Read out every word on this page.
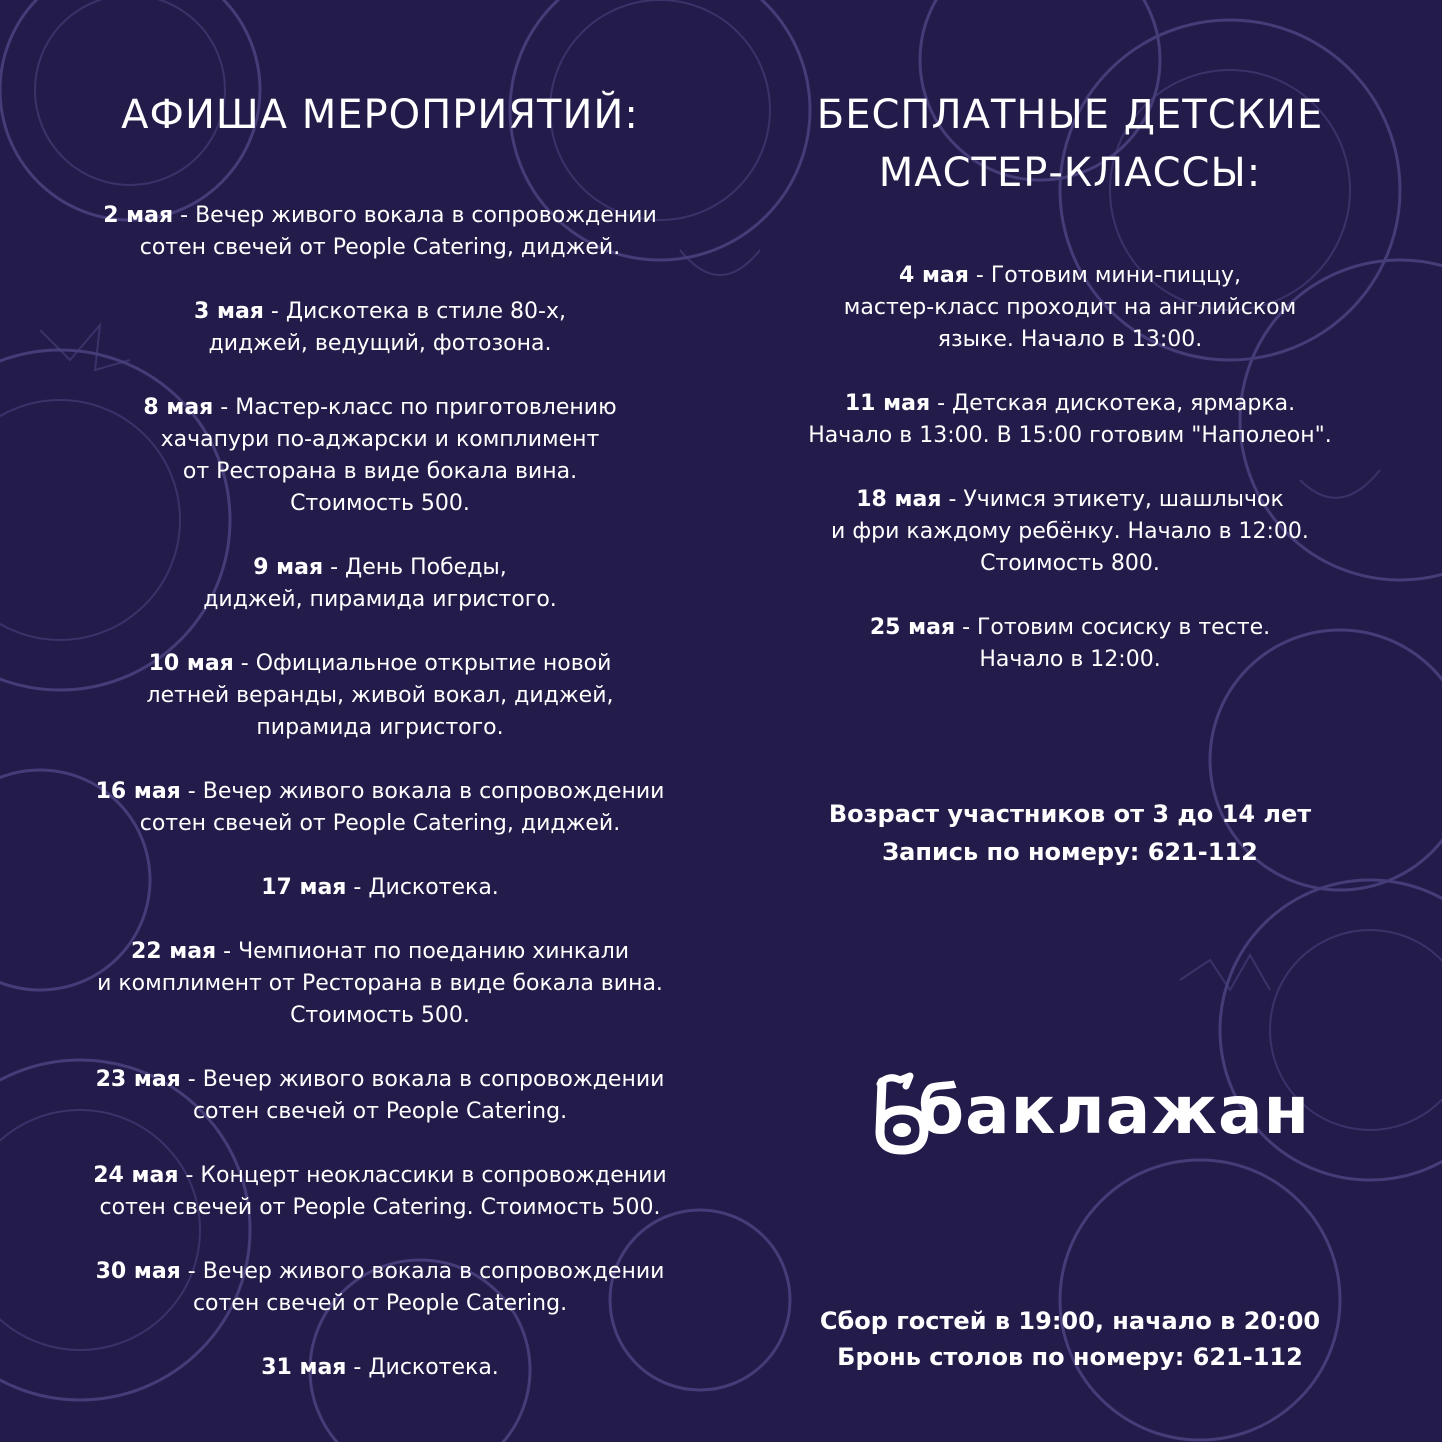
АФИША МЕРОПРИЯТИЙ:

2 мая - Вечер живого вокала в сопровождении
сотен свечей от People Catering, диджей.

3 мая - Дискотека в стиле 80-х,
диджей, ведущий, фотозона.

8 мая - Мастер-класс по приготовлению
хачапури по-аджарски и комплимент
от Ресторана в виде бокала вина.
Стоимость 500.

9 мая - День Победы,
диджей, пирамида игристого.

10 мая - Официальное открытие новой
летней веранды, живой вокал, диджей,
пирамида игристого.

16 мая - Вечер живого вокала в сопровождении
сотен свечей от People Catering, диджей.

17 мая - Дискотека.

22 мая - Чемпионат по поеданию хинкали
и комплимент от Ресторана в виде бокала вина.
Стоимость 500.

23 мая - Вечер живого вокала в сопровождении
сотен свечей от People Catering.

24 мая - Концерт неоклассики в сопровождении
сотен свечей от People Catering. Стоимость 500.

30 мая - Вечер живого вокала в сопровождении
сотен свечей от People Catering.

31 мая - Дискотека.

БЕСПЛАТНЫЕ ДЕТСКИЕ
МАСТЕР-КЛАССЫ:

4 мая - Готовим мини-пиццу,
мастер-класс проходит на английском
языке. Начало в 13:00.

11 мая - Детская дискотека, ярмарка.
Начало в 13:00. В 15:00 готовим "Наполеон".

18 мая - Учимся этикету, шашлычок
и фри каждому ребёнку. Начало в 12:00.
Стоимость 800.

25 мая - Готовим сосиску в тесте.
Начало в 12:00.

Возраст участников от 3 до 14 лет
Запись по номеру: 621-112
баклажан
Сбор гостей в 19:00, начало в 20:00
Бронь столов по номеру: 621-112
